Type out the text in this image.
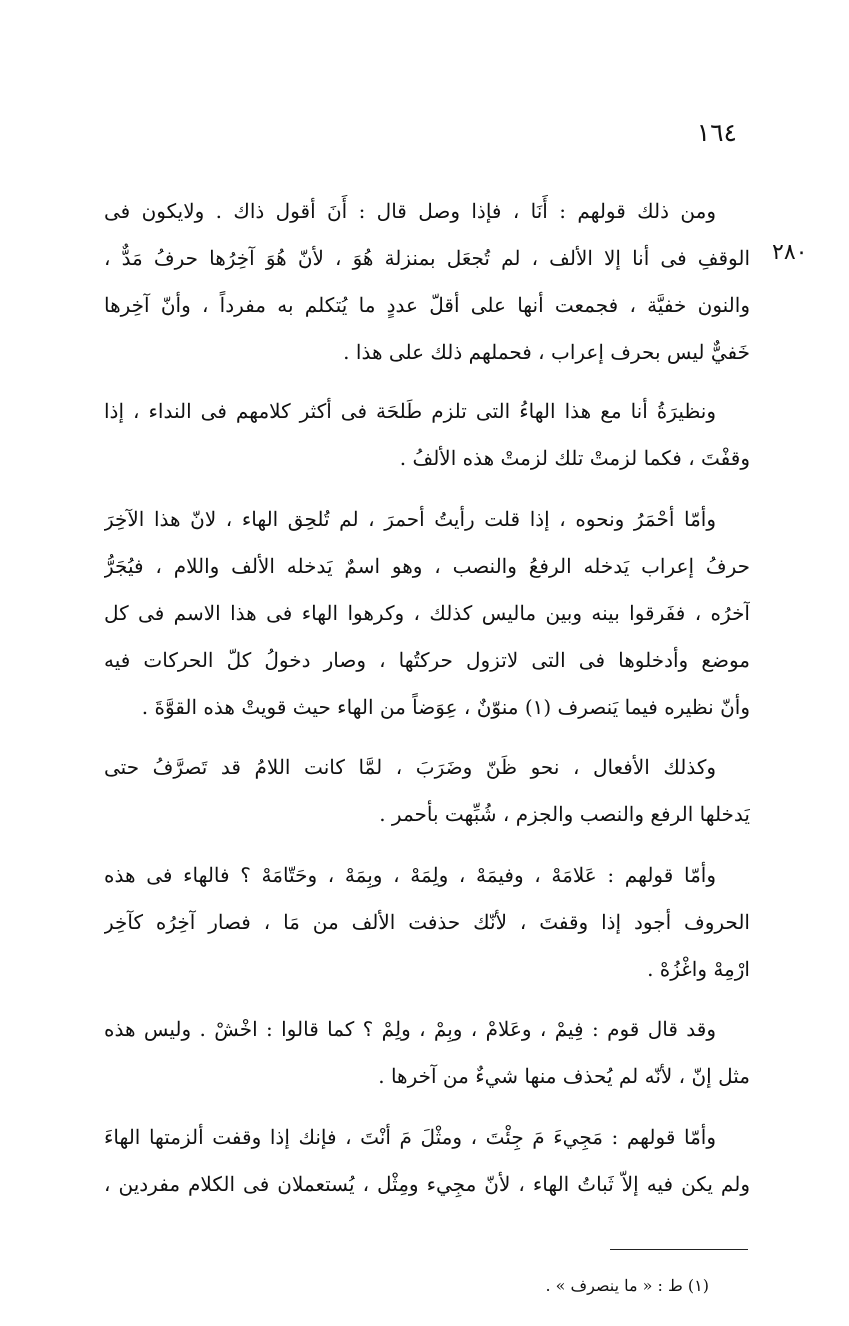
١٦٤
٢٨٠
ومن ذلك قولهم : أَنَا ، فإذا وصل قال : أَنَ أقول ذاك . ولايكون فى
الوقفِ فى أنا إلا الألف ، لم تُجعَل بمنزلة هُوَ ، لأنّ هُوَ آخِرُها حرفُ مَدٌّ ،
والنون خفيَّة ، فجمعت أنها على أقلّ عددٍ ما يُتكلم به مفرداً ، وأنّ آخِرها
خَفيٌّ ليس بحرف إعراب ، فحملهم ذلك على هذا .
ونظيرَةُ أنا مع هذا الهاءُ التى تلزم طَلحَة فى أكثر كلامهم فى النداء ، إذا
وقفْتَ ، فكما لزمتْ تلك لزمتْ هذه الألفُ .
وأمّا أحْمَرُ ونحوه ، إذا قلت رأيتُ أحمرَ ، لم تُلحِق الهاء ، لانّ هذا الآخِرَ
حرفُ إعراب يَدخله الرفعُ والنصب ، وهو اسمٌ يَدخله الألف واللام ، فيُجَرُّ
آخرُه ، ففَرقوا بينه وبين ماليس كذلك ، وكرهوا الهاء فى هذا الاسم فى كل
موضع وأدخلوها فى التى لاتزول حركتُها ، وصار دخولُ كلّ الحركات فيه
وأنّ نظيره فيما يَنصرف (١) منوّنٌ ، عِوَضاً من الهاء حيث قويتْ هذه القوَّةَ .
وكذلك الأفعال ، نحو ظَنّ وضَرَبَ ، لمَّا كانت اللامُ قد تَصرَّفُ حتى
يَدخلها الرفع والنصب والجزم ، شُبِّهت بأحمر .
وأمّا قولهم : عَلامَهْ ، وفيمَهْ ، ولِمَهْ ، وبِمَهْ ، وحَتّامَهْ ؟ فالهاء فى هذه
الحروف أجود إذا وقفتَ ، لأنّك حذفت الألف من مَا ، فصار آخِرُه كآخِر
ارْمِهْ واغْزُهْ .
وقد قال قوم : فِيمْ ، وعَلامْ ، وبِمْ ، ولِمْ ؟ كما قالوا : اخْشْ . وليس هذه
مثل إنّ ، لأنّه لم يُحذف منها شيءٌ من آخرها .
وأمّا قولهم : مَجِيءَ مَ جِئْتَ ، ومثْلَ مَ أنْتَ ، فإنك إذا وقفت ألزمتها الهاءَ
ولم يكن فيه إلاّ ثَباتُ الهاء ، لأنّ مجِيء ومِثْل ، يُستعملان فى الكلام مفردين ،
(١) ط : « ما ينصرف » .
